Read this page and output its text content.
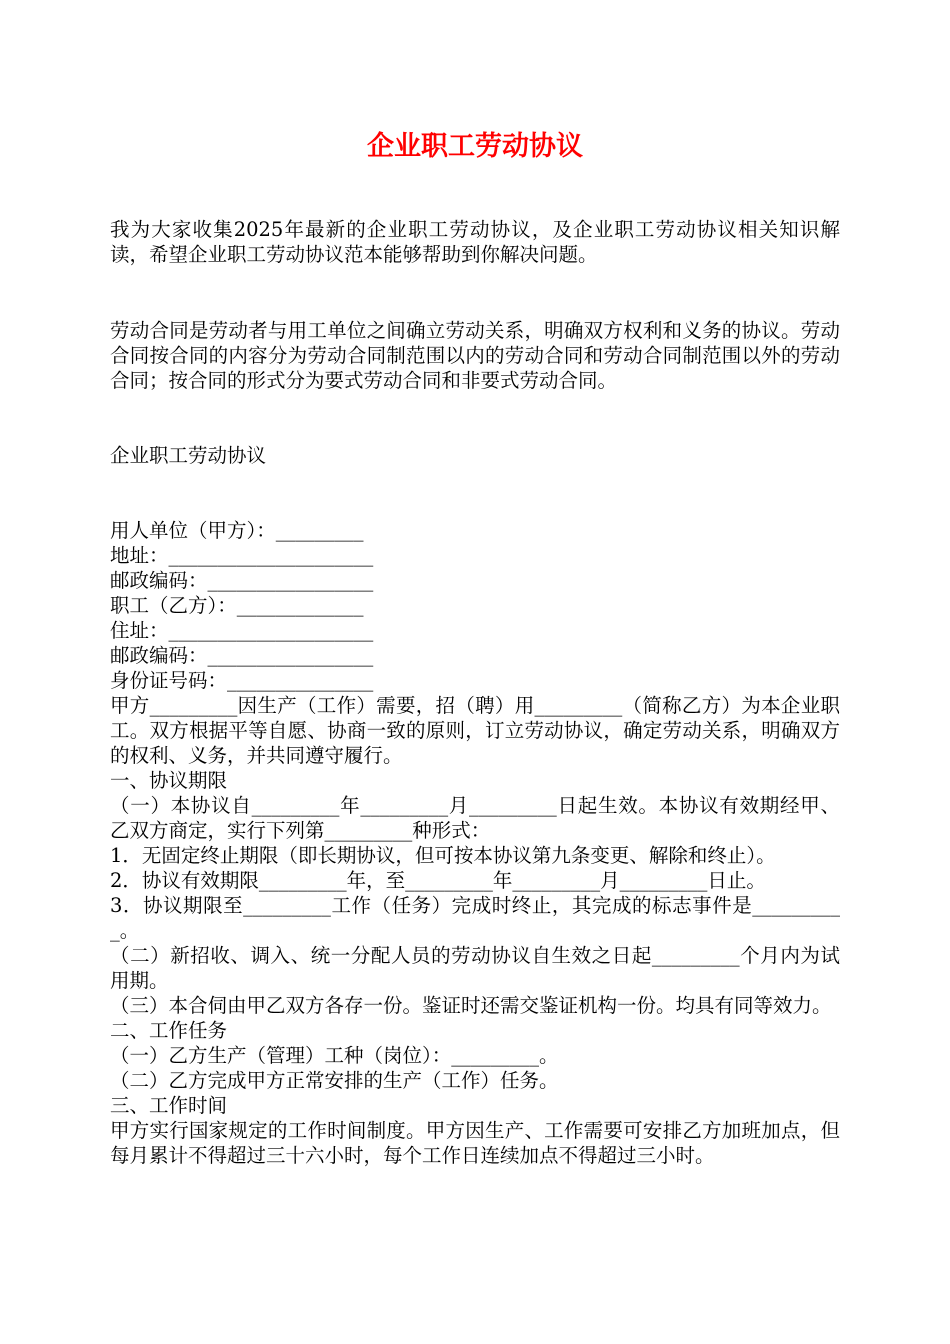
企业职工劳动协议

我为大家收集2025年最新的企业职工劳动协议，及企业职工劳动协议相关知识解读，希望企业职工劳动协议范本能够帮助到你解决问题。

劳动合同是劳动者与用工单位之间确立劳动关系，明确双方权利和义务的协议。劳动合同按合同的内容分为劳动合同制范围以内的劳动合同和劳动合同制范围以外的劳动合同；按合同的形式分为要式劳动合同和非要式劳动合同。

企业职工劳动协议

用人单位（甲方）：_________

地址：_____________________

邮政编码：_________________

职工（乙方）：_____________

住址：_____________________

邮政编码：_________________

身份证号码：_______________

甲方_________因生产（工作）需要，招（聘）用_________（简称乙方）为本企业职工。双方根据平等自愿、协商一致的原则，订立劳动协议，确定劳动关系，明确双方的权利、义务，并共同遵守履行。

一、协议期限

（一）本协议自_________年_________月_________日起生效。本协议有效期经甲、乙双方商定，实行下列第_________种形式：

1．无固定终止期限（即长期协议，但可按本协议第九条变更、解除和终止）。

2．协议有效期限_________年，至_________年_________月_________日止。

3．协议期限至_________工作（任务）完成时终止，其完成的标志事件是__________。

（二）新招收、调入、统一分配人员的劳动协议自生效之日起_________个月内为试用期。

（三）本合伺由甲乙双方各存一份。鉴证时还需交鉴证机构一份。均具有同等效力。

二、工作任务

（一）乙方生产（管理）工种（岗位）：_________。

（二）乙方完成甲方正常安排的生产（工作）任务。

三、工作时间

甲方实行国家规定的工作时间制度。甲方因生产、工作需要可安排乙方加班加点，但每月累计不得超过三十六小时，每个工作日连续加点不得超过三小时。
